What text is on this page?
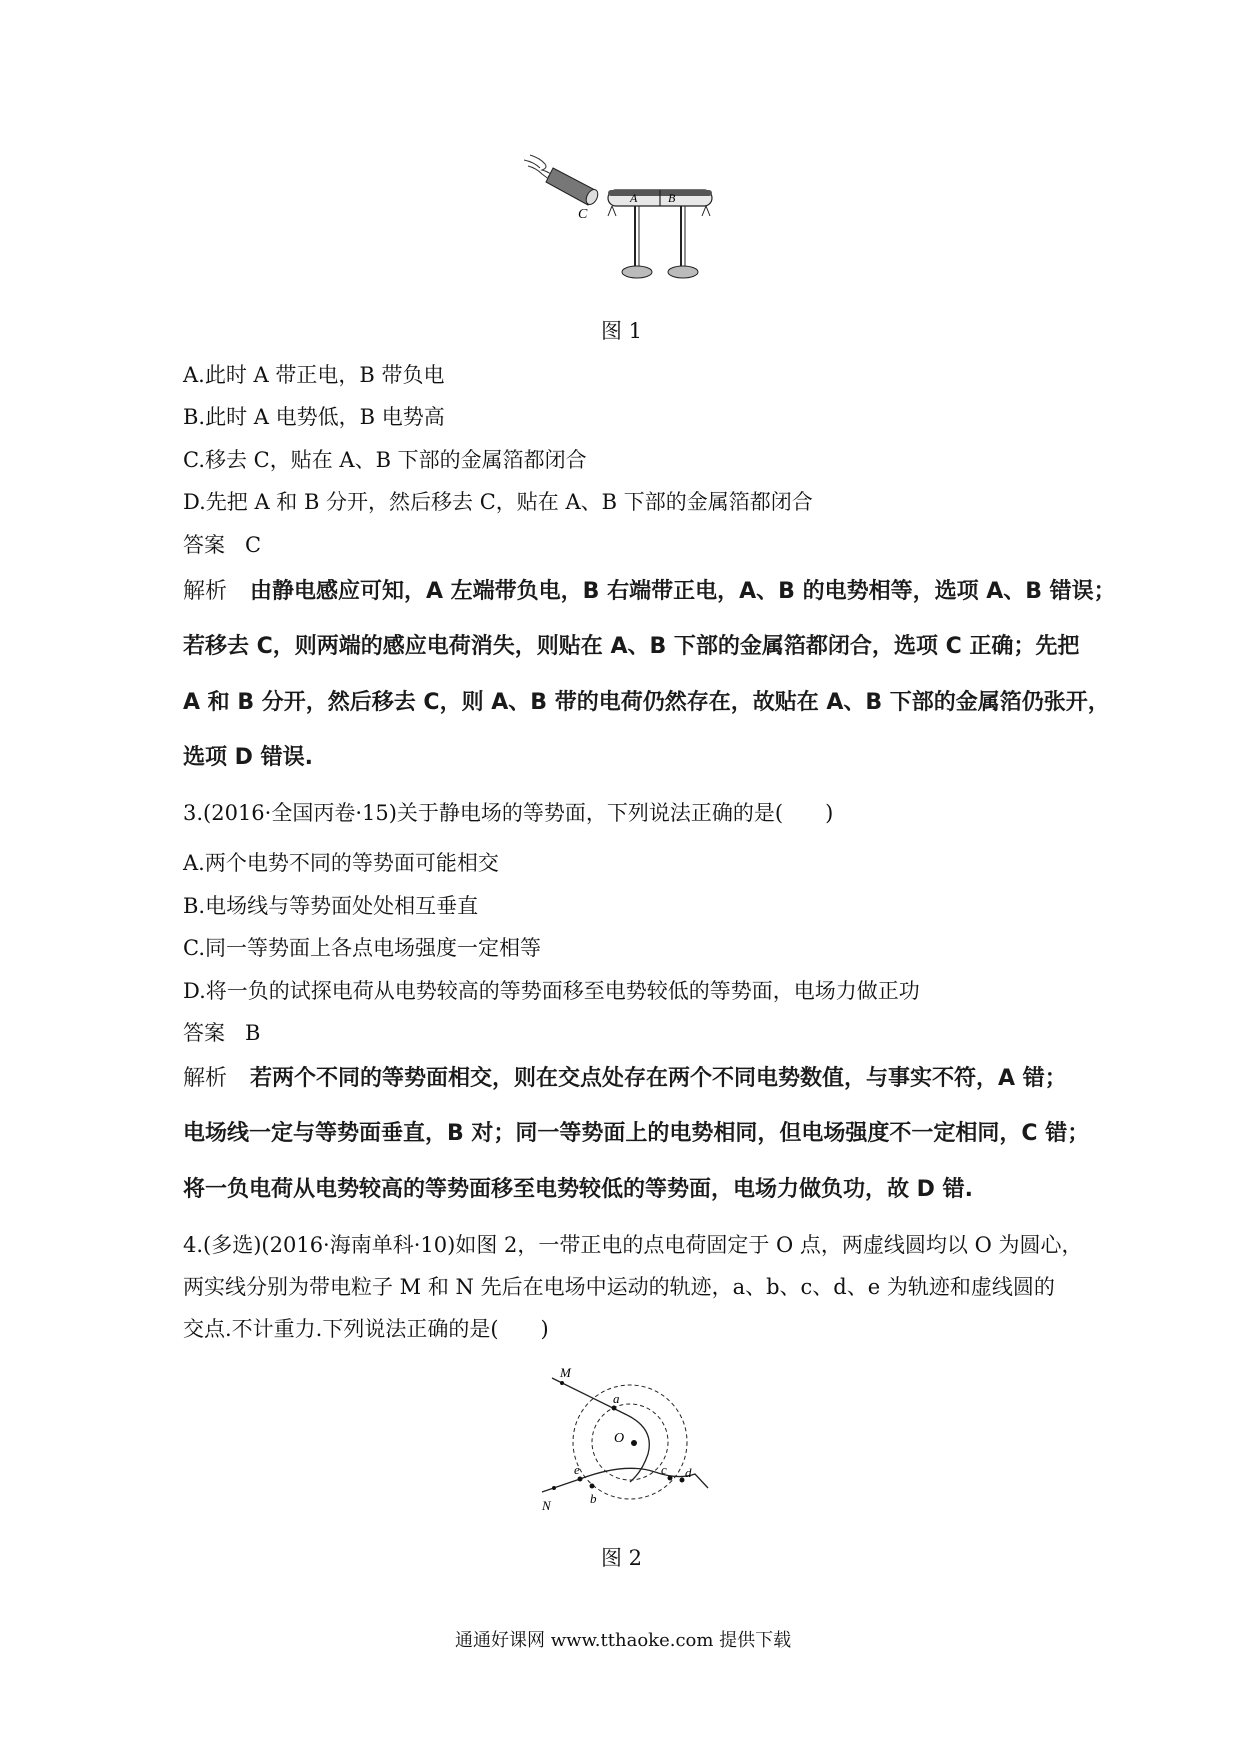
C
A	B
图 1
A.此时 A 带正电，B 带负电
B.此时 A 电势低，B 电势高
C.移去 C，贴在 A、B 下部的金属箔都闭合
D.先把 A 和 B 分开，然后移去 C，贴在 A、B 下部的金属箔都闭合
答案 C
解析 由静电感应可知，A 左端带负电，B 右端带正电，A、B 的电势相等，选项 A、B 错误；
若移去 C，则两端的感应电荷消失，则贴在 A、B 下部的金属箔都闭合，选项 C 正确；先把
A 和 B 分开，然后移去 C，则 A、B 带的电荷仍然存在，故贴在 A、B 下部的金属箔仍张开，
选项 D 错误.
3.(2016·全国丙卷·15)关于静电场的等势面，下列说法正确的是(　　)
A.两个电势不同的等势面可能相交
B.电场线与等势面处处相互垂直
C.同一等势面上各点电场强度一定相等
D.将一负的试探电荷从电势较高的等势面移至电势较低的等势面，电场力做正功
答案 B
解析 若两个不同的等势面相交，则在交点处存在两个不同电势数值，与事实不符，A 错；
电场线一定与等势面垂直，B 对；同一等势面上的电势相同，但电场强度不一定相同，C 错；
将一负电荷从电势较高的等势面移至电势较低的等势面，电场力做负功，故 D 错.
4.(多选)(2016·海南单科·10)如图 2，一带正电的点电荷固定于 O 点，两虚线圆均以 O 为圆心，
两实线分别为带电粒子 M 和 N 先后在电场中运动的轨迹，a、b、c、d、e 为轨迹和虚线圆的
交点.不计重力.下列说法正确的是(　　)
O
M
a
N
e
b
c d
图 2
通通好课网 www.tthaoke.com 提供下载
